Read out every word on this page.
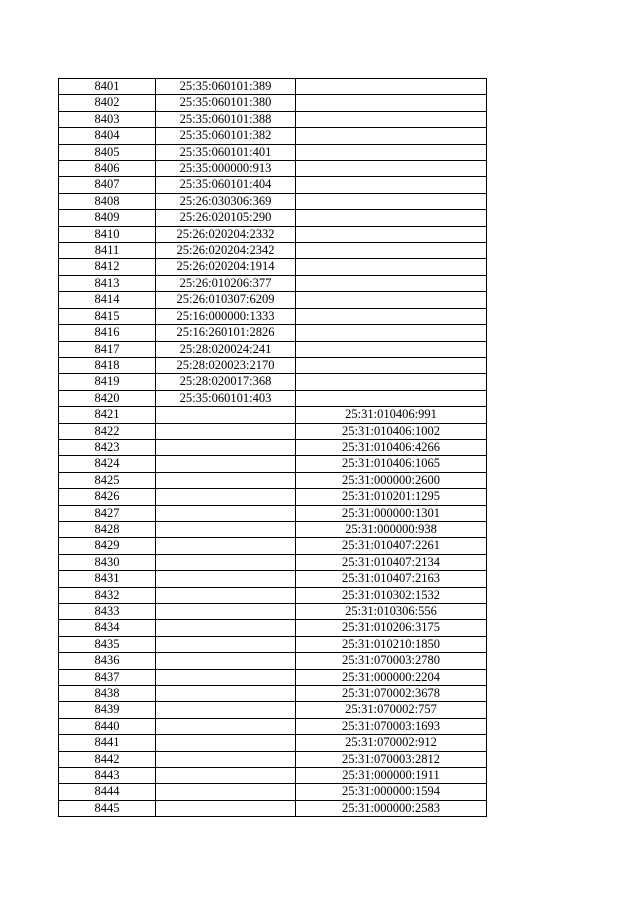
8401	25:35:060101:389	
8402	25:35:060101:380	
8403	25:35:060101:388	
8404	25:35:060101:382	
8405	25:35:060101:401	
8406	25:35:000000:913	
8407	25:35:060101:404	
8408	25:26:030306:369	
8409	25:26:020105:290	
8410	25:26:020204:2332	
8411	25:26:020204:2342	
8412	25:26:020204:1914	
8413	25:26:010206:377	
8414	25:26:010307:6209	
8415	25:16:000000:1333	
8416	25:16:260101:2826	
8417	25:28:020024:241	
8418	25:28:020023:2170	
8419	25:28:020017:368	
8420	25:35:060101:403	
8421		25:31:010406:991
8422		25:31:010406:1002
8423		25:31:010406:4266
8424		25:31:010406:1065
8425		25:31:000000:2600
8426		25:31:010201:1295
8427		25:31:000000:1301
8428		25:31:000000:938
8429		25:31:010407:2261
8430		25:31:010407:2134
8431		25:31:010407:2163
8432		25:31:010302:1532
8433		25:31:010306:556
8434		25:31:010206:3175
8435		25:31:010210:1850
8436		25:31:070003:2780
8437		25:31:000000:2204
8438		25:31:070002:3678
8439		25:31:070002:757
8440		25:31:070003:1693
8441		25:31:070002:912
8442		25:31:070003:2812
8443		25:31:000000:1911
8444		25:31:000000:1594
8445		25:31:000000:2583
